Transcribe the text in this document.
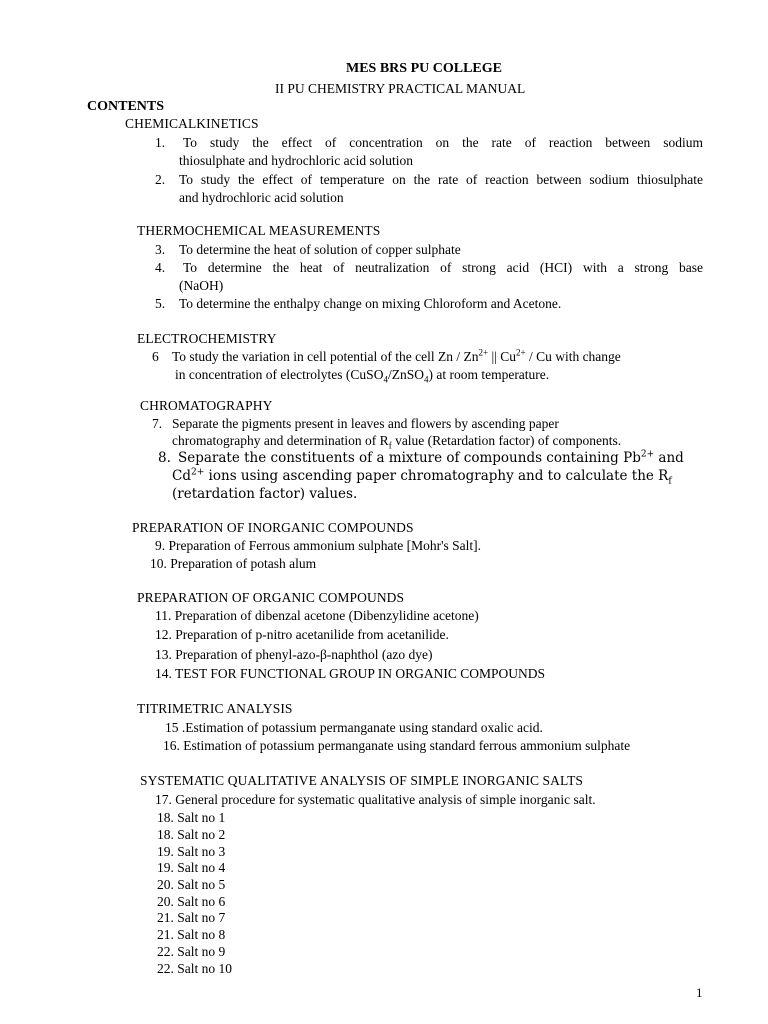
MES BRS PU COLLEGE
II PU CHEMISTRY PRACTICAL MANUAL
CONTENTS
CHEMICALKINETICS
1. To study the effect of concentration on the rate of reaction between sodium
thiosulphate and hydrochloric acid solution
2. To study the effect of temperature on the rate of reaction between sodium thiosulphate
and hydrochloric acid solution
THERMOCHEMICAL MEASUREMENTS
3. To determine the heat of solution of copper sulphate
4. To determine the heat of neutralization of strong acid (HCI) with a strong base
(NaOH)
5. To determine the enthalpy change on mixing Chloroform and Acetone.
ELECTROCHEMISTRY
6 To study the variation in cell potential of the cell Zn / $Zn^{2+}$ || $Cu^{2+}$ / Cu with change
in concentration of electrolytes (CuSO$_4$/ZnSO$_4$) at room temperature.
CHROMATOGRAPHY
7. Separate the pigments present in leaves and flowers by ascending paper
chromatography and determination of $R_f$ value (Retardation factor) of components.
8. Separate the constituents of a mixture of compounds containing $Pb^{2+}$ and
$Cd^{2+}$ ions using ascending paper chromatography and to calculate the $R_f$
(retardation factor) values.
PREPARATION OF INORGANIC COMPOUNDS
9. Preparation of Ferrous ammonium sulphate [Mohr's Salt].
10. Preparation of potash alum
PREPARATION OF ORGANIC COMPOUNDS
11. Preparation of dibenzal acetone (Dibenzylidine acetone)
12. Preparation of p-nitro acetanilide from acetanilide.
13. Preparation of phenyl-azo-β-naphthol (azo dye)
14. TEST FOR FUNCTIONAL GROUP IN ORGANIC COMPOUNDS
TITRIMETRIC ANALYSIS
15 .Estimation of potassium permanganate using standard oxalic acid.
16. Estimation of potassium permanganate using standard ferrous ammonium sulphate
SYSTEMATIC QUALITATIVE ANALYSIS OF SIMPLE INORGANIC SALTS
17. General procedure for systematic qualitative analysis of simple inorganic salt.
18. Salt no 1
18. Salt no 2
19. Salt no 3
19. Salt no 4
20. Salt no 5
20. Salt no 6
21. Salt no 7
21. Salt no 8
22. Salt no 9
22. Salt no 10
1
